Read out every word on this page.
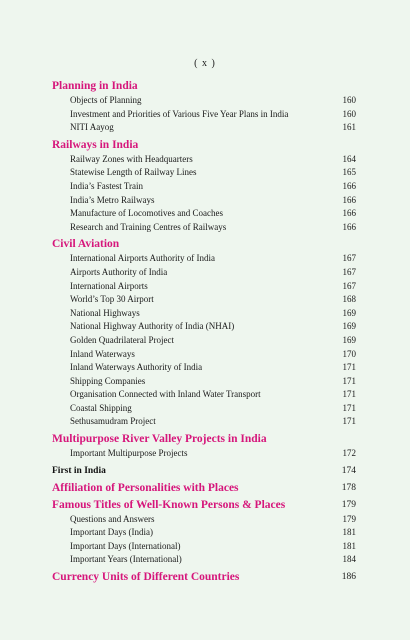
( x )
Planning in India
Objects of Planning	160
Investment and Priorities of Various Five Year Plans in India	160
NITI Aayog	161
Railways in India
Railway Zones with Headquarters	164
Statewise Length of Railway Lines	165
India’s Fastest Train	166
India’s Metro Railways	166
Manufacture of Locomotives and Coaches	166
Research and Training Centres of Railways	166
Civil Aviation
International Airports Authority of India	167
Airports Authority of India	167
International Airports	167
World’s Top 30 Airport	168
National Highways	169
National Highway Authority of India (NHAI)	169
Golden Quadrilateral Project	169
Inland Waterways	170
Inland Waterways Authority of India	171
Shipping Companies	171
Organisation Connected with Inland Water Transport	171
Coastal Shipping	171
Sethusamudram Project	171
Multipurpose River Valley Projects in India
Important Multipurpose Projects	172
First in India	174
Affiliation of Personalities with Places	178
Famous Titles of Well-Known Persons & Places	179
Questions and Answers	179
Important Days (India)	181
Important Days (International)	181
Important Years (International)	184
Currency Units of Different Countries	186
